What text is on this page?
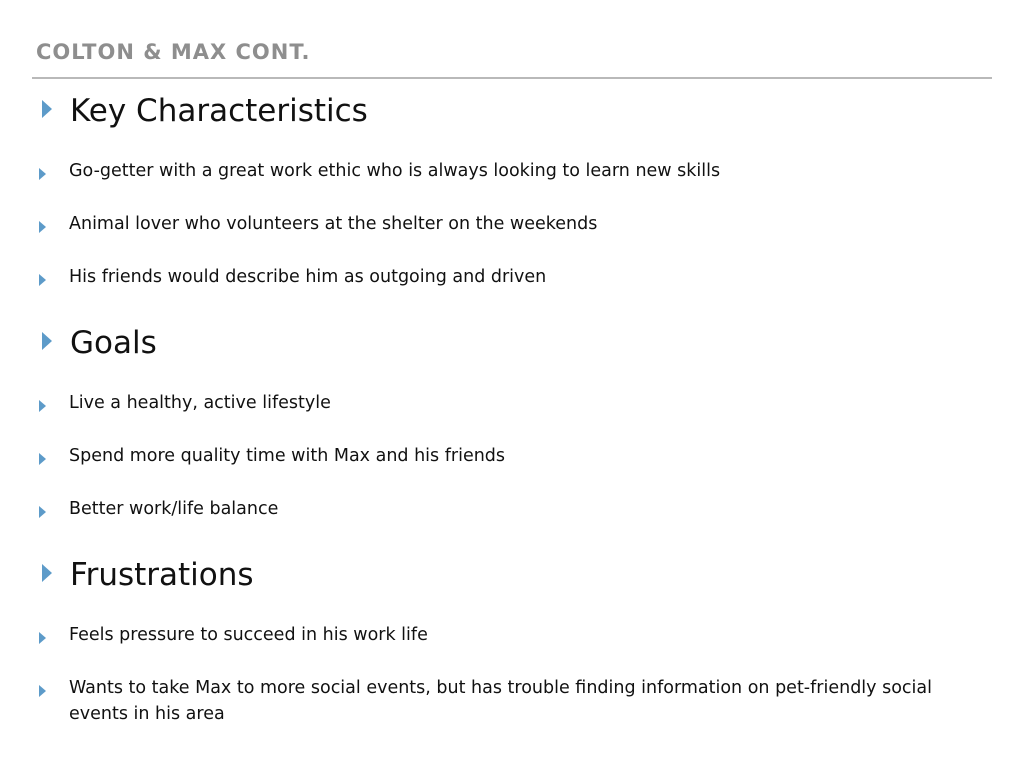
COLTON & MAX CONT.
Key Characteristics
Go-getter with a great work ethic who is always looking to learn new skills
Animal lover who volunteers at the shelter on the weekends
His friends would describe him as outgoing and driven
Goals
Live a healthy, active lifestyle
Spend more quality time with Max and his friends
Better work/life balance
Frustrations
Feels pressure to succeed in his work life
Wants to take Max to more social events, but has trouble finding information on pet-friendly social events in his area
